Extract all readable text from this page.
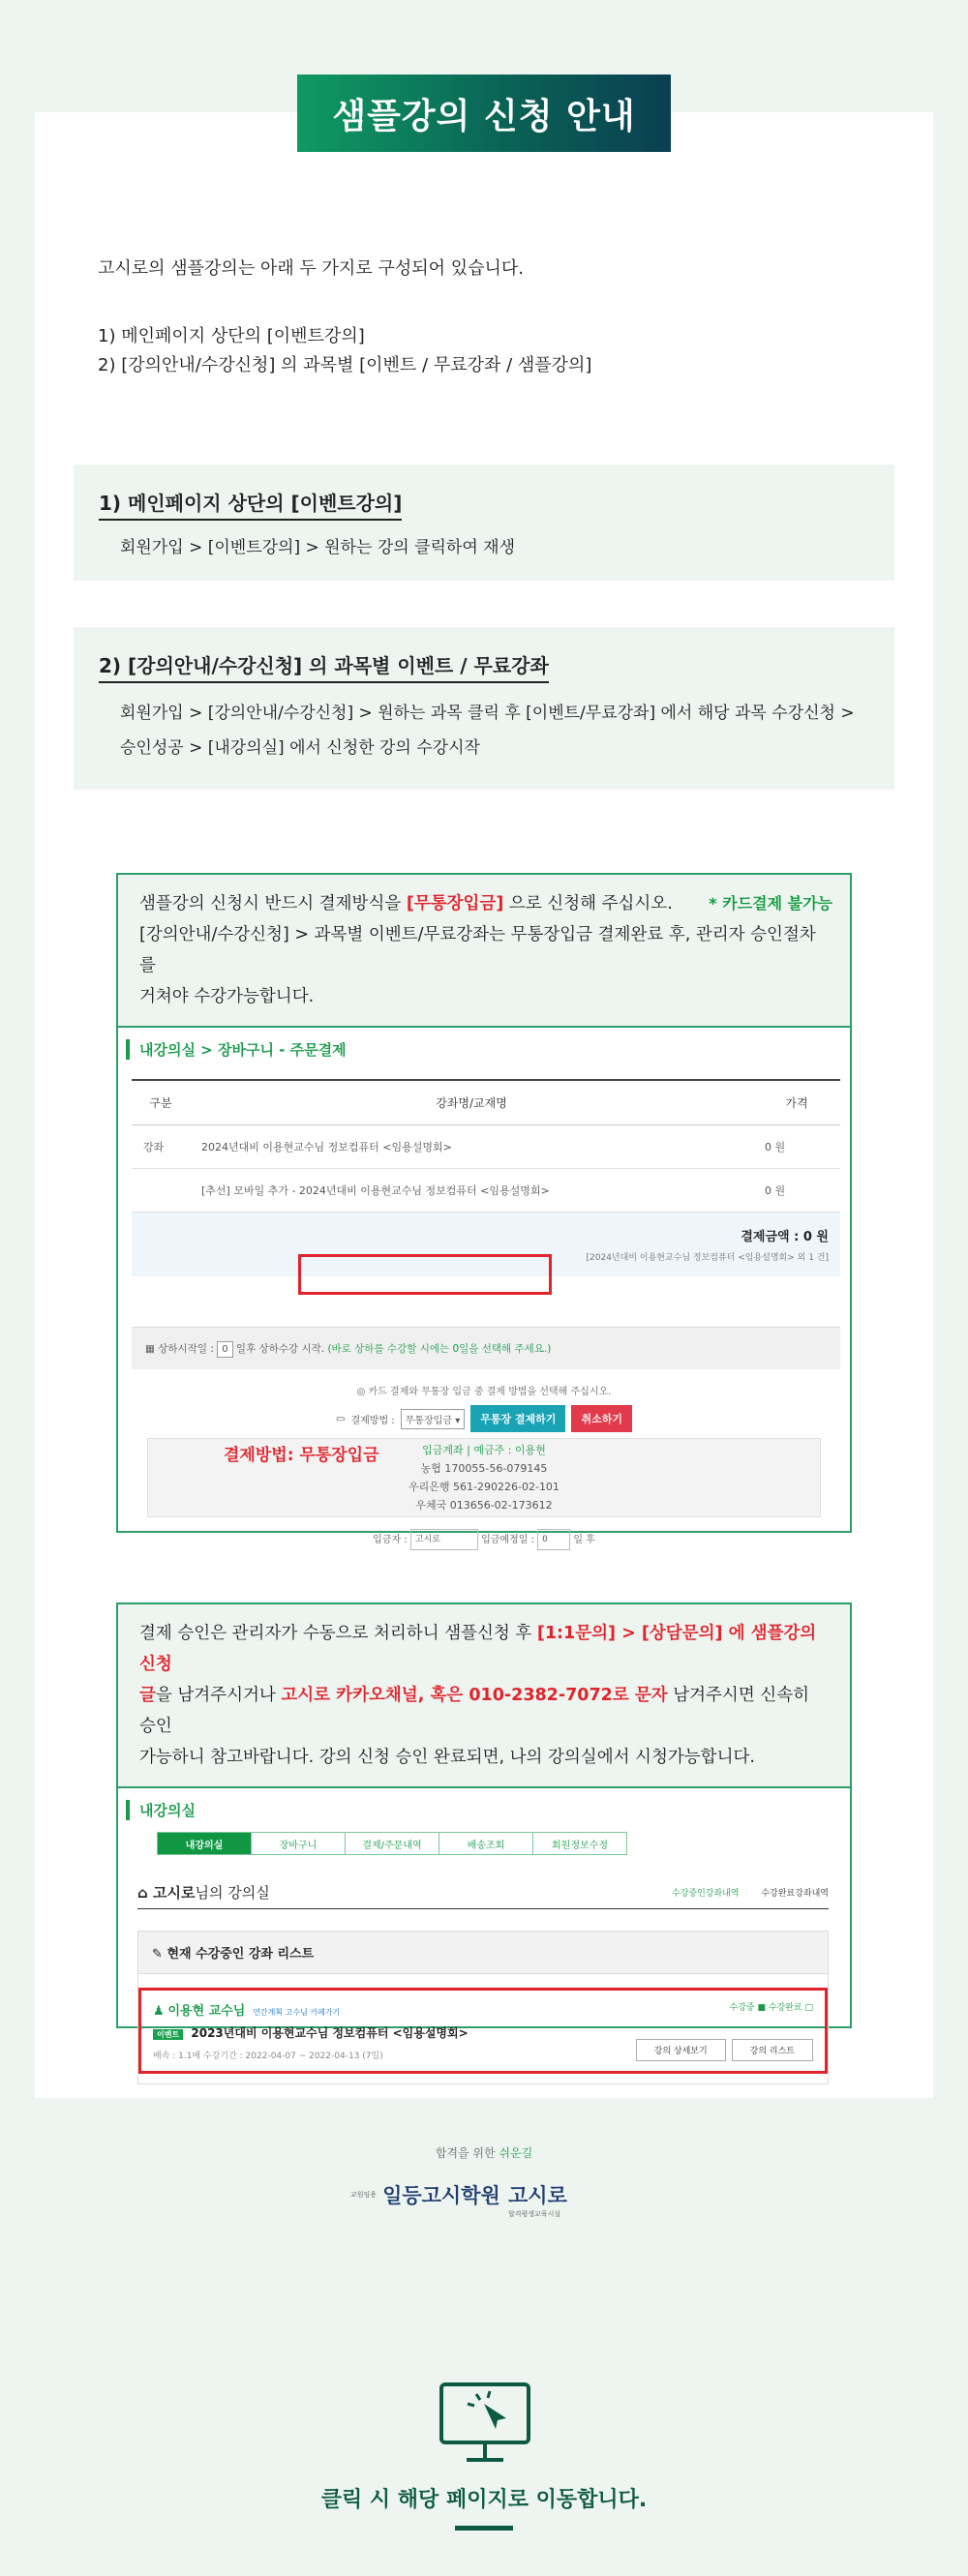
샘플강의 신청 안내

고시로의 샘플강의는 아래 두 가지로 구성되어 있습니다.

1) 메인페이지 상단의 [이벤트강의]

2) [강의안내/수강신청] 의 과목별 [이벤트 / 무료강좌 / 샘플강의]

1) 메인페이지 상단의 [이벤트강의]
회원가입 > [이벤트강의] > 원하는 강의 클릭하여 재생
2) [강의안내/수강신청] 의 과목별 이벤트 / 무료강좌
회원가입 > [강의안내/수강신청] > 원하는 과목 클릭 후 [이벤트/무료강좌] 에서 해당 과목 수강신청 >
승인성공 > [내강의실] 에서 신청한 강의 수강시작
샘플강의 신청시 반드시 결제방식을 [무통장입금] 으로 신청해 주십시오.	* 카드결제 불가능
[강의안내/수강신청] > 과목별 이벤트/무료강좌는 무통장입금 결제완료 후, 관리자 승인절차를
거쳐야 수강가능합니다.
내강의실 > 장바구니 - 주문결제
구분	강좌명/교재명	가격
강좌	2024년대비 이용현교수님 정보컴퓨터 <임용설명회>	0 원
	[추선] 모바일 추가 - 2024년대비 이용현교수님 정보컴퓨터 <임용설명회>	0 원
결제금액 : 0 원
[2024년대비 이용현교수님 정보컴퓨터 <임용설명회> 외 1 건]
▦ 상하시작일 : 0 일후 상하수강 시작. (바로 상하를 수강할 시에는 0일을 선택해 주세요.)
◎ 카드 결제와 무통장 입금 중 결제 방법을 선택해 주십시오.
▭ 결제방법 :	무통장입금 ▾	무통장 결제하기	취소하기
결제방법: 무통장입금	입금계좌 | 예금주 : 이용현
농협 170055-56-079145
우리은행 561-290226-02-101
우체국 013656-02-173612
입금자 : 고시로	입금예정일 : 0	일 후
결제 승인은 관리자가 수동으로 처리하니 샘플신청 후 [1:1문의] > [상담문의] 에 샘플강의 신청
글을 남겨주시거나 고시로 카카오채널, 혹은 010-2382-7072로 문자 남겨주시면 신속히 승인
가능하니 참고바랍니다. 강의 신청 승인 완료되면, 나의 강의실에서 시청가능합니다.
내강의실
내강의실	장바구니	결제/주문내역	배송조회	회원정보수정
⌂ 고시로님의 강의실	수강중인강좌내역	수강완료강좌내역
✎ 현재 수강중인 강좌 리스트
♟ 이용현 교수님 연간계획 고수님 카페가기	수강중 ■ 수강완료 □
이벤트 2023년대비 이용현교수님 정보컴퓨터 <임용설명회>
배속 : 1.1배 수강기간 : 2022-04-07 ~ 2022-04-13 (7일)	강의 상세보기	강의 리스트
합격을 위한 쉬운길
교원임용 일등고시학원 고시로
합격평생교육시설
클릭 시 해당 페이지로 이동합니다.
